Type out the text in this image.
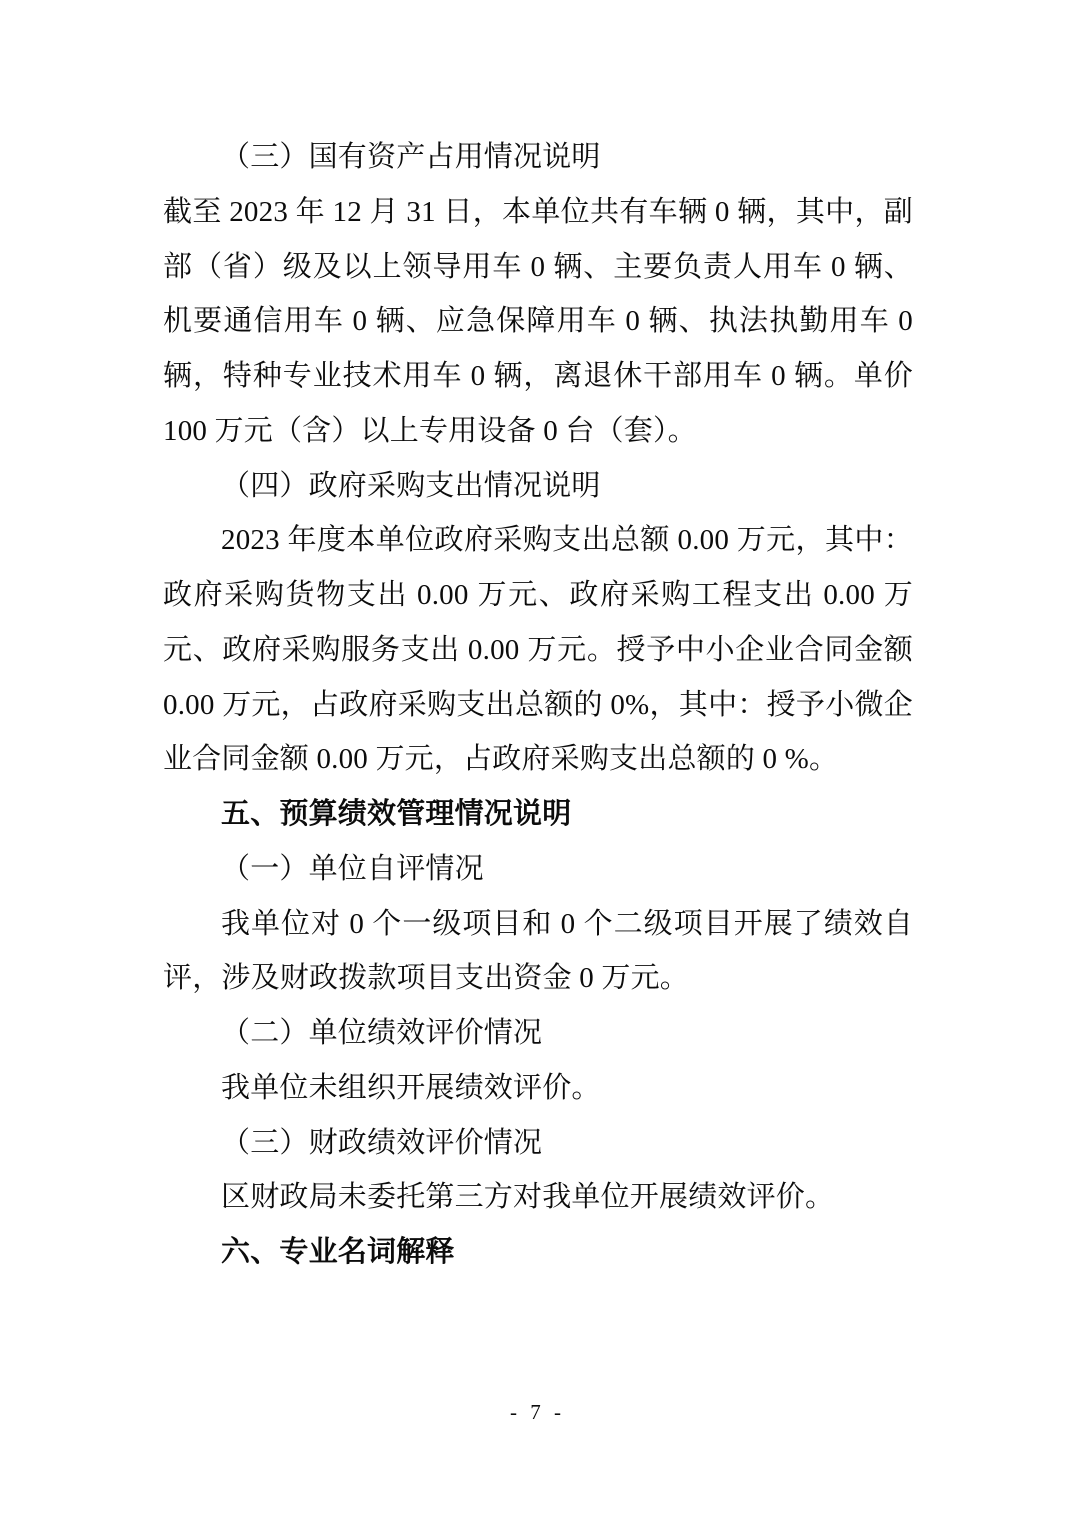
（三）国有资产占用情况说明

截至 2023 年 12 月 31 日，本单位共有车辆 0 辆，其中，副部（省）级及以上领导用车 0 辆、主要负责人用车 0 辆、机要通信用车 0 辆、应急保障用车 0 辆、执法执勤用车 0 辆，特种专业技术用车 0 辆，离退休干部用车 0 辆。单价 100 万元（含）以上专用设备 0 台（套）。

（四）政府采购支出情况说明

2023 年度本单位政府采购支出总额 0.00 万元，其中：政府采购货物支出 0.00 万元、政府采购工程支出 0.00 万元、政府采购服务支出 0.00 万元。授予中小企业合同金额 0.00 万元，占政府采购支出总额的 0%，其中：授予小微企业合同金额 0.00 万元，占政府采购支出总额的 0 %。

五、预算绩效管理情况说明

（一）单位自评情况

我单位对 0 个一级项目和 0 个二级项目开展了绩效自评，涉及财政拨款项目支出资金 0 万元。

（二）单位绩效评价情况

我单位未组织开展绩效评价。

（三）财政绩效评价情况

区财政局未委托第三方对我单位开展绩效评价。

六、专业名词解释

- 7 -
